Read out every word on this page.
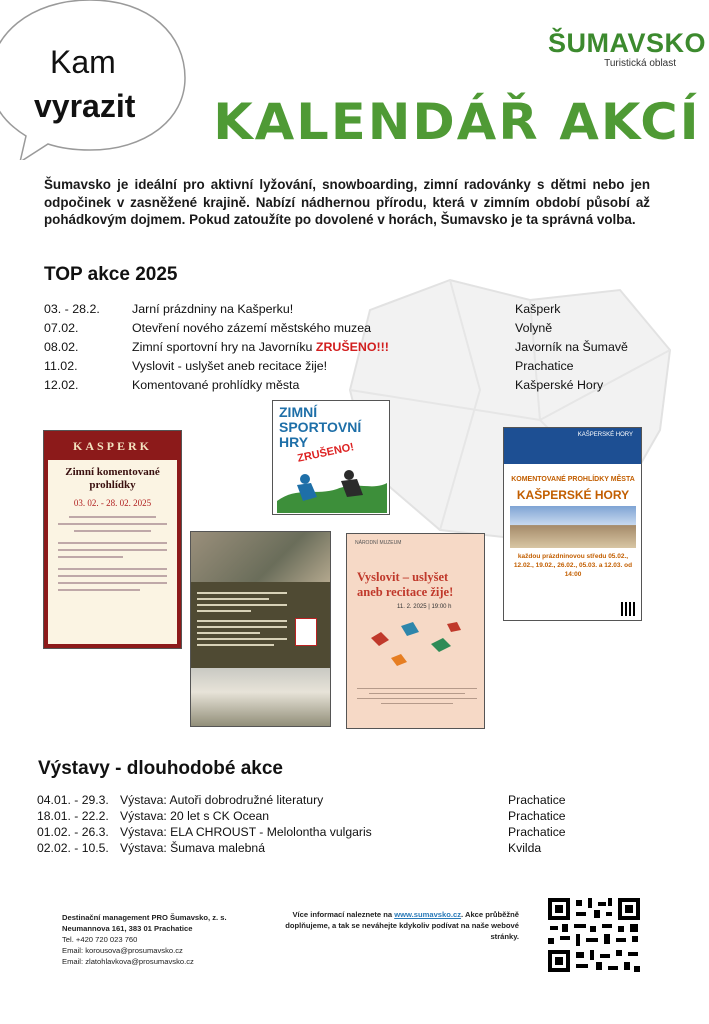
Kam
vyrazit
ŠUMAVSKO
Turistická oblast
KALENDÁŘ AKCÍ

Šumavsko je ideální pro aktivní lyžování, snowboarding, zimní radovánky s dětmi nebo jen odpočinek v zasněžené krajině. Nabízí nádhernou přírodu, která v zimním období působí až pohádkovým dojmem. Pokud zatoužíte po dovolené v horách, Šumavsko je ta správná volba.

TOP akce 2025
03. - 28.2.	Jarní prázdniny na Kašperku!	Kašperk
07.02.	Otevření nového zázemí městského muzea	Volyně
08.02.	Zimní sportovní hry na Javorníku ZRUŠENO!!!	Javorník na Šumavě
11.02.	Vyslovit - uslyšet aneb recitace žije!	Prachatice
12.02.	Komentované prohlídky města	Kašperské Hory
KASPERK
Zimní komentované prohlídky
03. 02. - 28. 02. 2025
ZIMNÍ SPORTOVNÍ HRY
ZRUŠENO!
NÁRODNÍ MUZEUM
Vyslovit – uslyšet aneb recitace žije!
11. 2. 2025 | 19:00 h
KAŠPERSKÉ HORY
KOMENTOVANÉ PROHLÍDKY MĚSTA
KAŠPERSKÉ HORY
každou prázdninovou středu 05.02., 12.02., 19.02., 26.02., 05.03. a 12.03. od 14:00
Výstavy - dlouhodobé akce
04.01. - 29.3. Výstava: Autoři dobrodružné literatury	Prachatice
18.01. - 22.2. Výstava: 20 let s CK Ocean	Prachatice
01.02. - 26.3. Výstava: ELA CHROUST - Melolontha vulgaris	Prachatice
02.02. - 10.5. Výstava: Šumava malebná	Kvilda
Destinační management PRO Šumavsko, z. s.
Neumannova 161, 383 01 Prachatice
Tel. +420 720 023 760
Email: korousova@prosumavsko.cz
Email: zlatohlavkova@prosumavsko.cz
Více informací naleznete na www.sumavsko.cz. Akce průběžně doplňujeme, a tak se neváhejte kdykoliv podívat na naše webové stránky.
